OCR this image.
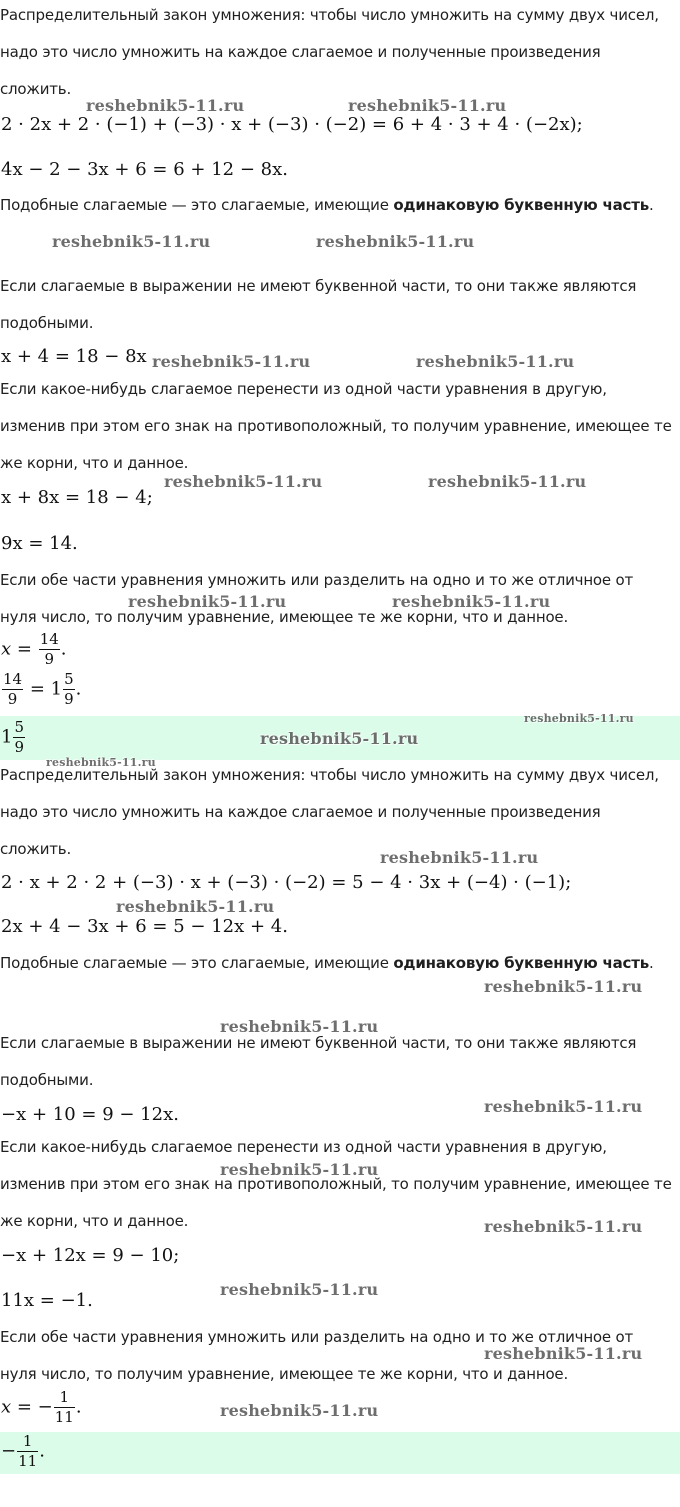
Распределительный закон умножения: чтобы число умножить на сумму двух чисел, надо это число умножить на каждое слагаемое и полученные произведения сложить.

2 · 2x + 2 · (−1) + (−3) · x + (−3) · (−2) = 6 + 4 · 3 + 4 · (−2x);
4x − 2 − 3x + 6 = 6 + 12 − 8x.

Подобные слагаемые — это слагаемые, имеющие одинаковую буквенную часть.

Если слагаемые в выражении не имеют буквенной части, то они также являются подобными.

x + 4 = 18 − 8x

Если какое-нибудь слагаемое перенести из одной части уравнения в другую, изменив при этом его знак на противоположный, то получим уравнение, имеющее те же корни, что и данное.

x + 8x = 18 − 4;
9x = 14.

Если обе части уравнения умножить или разделить на одно и то же отличное от нуля число, то получим уравнение, имеющее те же корни, что и данное.

$x = \frac{14}{9}$ .
$\frac{14}{9} = 1 \frac{5}{9}$ .
$1 \frac{5}{9}$

Распределительный закон умножения: чтобы число умножить на сумму двух чисел, надо это число умножить на каждое слагаемое и полученные произведения сложить.

2 · x + 2 · 2 + (−3) · x + (−3) · (−2) = 5 − 4 · 3x + (−4) · (−1);
2x + 4 − 3x + 6 = 5 − 12x + 4.

Подобные слагаемые — это слагаемые, имеющие одинаковую буквенную часть.

Если слагаемые в выражении не имеют буквенной части, то они также являются подобными.

−x + 10 = 9 − 12x.

Если какое-нибудь слагаемое перенести из одной части уравнения в другую, изменив при этом его знак на противоположный, то получим уравнение, имеющее те же корни, что и данное.

−x + 12x = 9 − 10;
11x = −1.

Если обе части уравнения умножить или разделить на одно и то же отличное от нуля число, то получим уравнение, имеющее те же корни, что и данное.

x = − $\frac{1}{11}$ .
− $\frac{1}{11}$ .
reshebnik5-11.ru	reshebnik5-11.ru
reshebnik5-11.ru	reshebnik5-11.ru
reshebnik5-11.ru	reshebnik5-11.ru
reshebnik5-11.ru	reshebnik5-11.ru
reshebnik5-11.ru	reshebnik5-11.ru
reshebnik5-11.ru
reshebnik5-11.ru
reshebnik5-11.ru
reshebnik5-11.ru
reshebnik5-11.ru
reshebnik5-11.ru
reshebnik5-11.ru
reshebnik5-11.ru
reshebnik5-11.ru
reshebnik5-11.ru
reshebnik5-11.ru
reshebnik5-11.ru
reshebnik5-11.ru
